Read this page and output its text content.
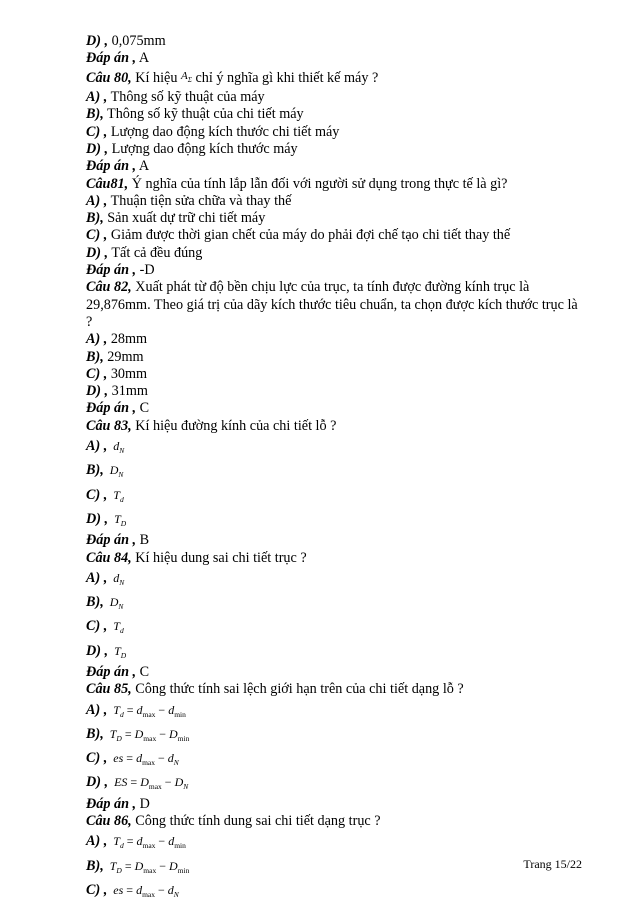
D) , 0,075mm
Đáp án , A
Câu 80, Kí hiệu $^{A_\Sigma}$ chỉ ý nghĩa gì khi thiết kế máy ?
A) , Thông số kỹ thuật của máy
B), Thông số kỹ thuật của chi tiết máy
C) , Lượng dao động kích thước chi tiết máy
D) , Lượng dao động kích thước máy
Đáp án , A
Câu81, Ý nghĩa của tính lắp lẫn đối với người sử dụng trong thực tế là gì?
A) , Thuận tiện sửa chữa và thay thế
B), Sản xuất dự trữ chi tiết máy
C) , Giảm được thời gian chết của máy do phải đợi chế tạo chi tiết thay thế
D) , Tất cả đều đúng
Đáp án , -D
Câu 82, Xuất phát từ độ bền chịu lực của trục, ta tính được đường kính trục là 29,876mm. Theo giá trị của dãy kích thước tiêu chuẩn, ta chọn được kích thước trục là ?
A) , 28mm
B), 29mm
C) , 30mm
D) , 31mm
Đáp án , C
Câu 83, Kí hiệu đường kính của chi tiết lỗ ?
A) , $d_N$
B), $D_N$
C) , $T_d$
D) , $T_D$
Đáp án , B
Câu 84, Kí hiệu dung sai chi tiết trục ?
A) , $d_N$
B), $D_N$
C) , $T_d$
D) , $T_D$
Đáp án , C
Câu 85, Công thức tính sai lệch giới hạn trên của chi tiết dạng lỗ ?
A) , $T_d = d_{max} - d_{min}$
B), $T_D = D_{max} - D_{min}$
C) , es = $d_{max} - d_N$
D) , ES = $D_{max} - D_N$
Đáp án , D
Câu 86, Công thức tính dung sai chi tiết dạng trục ?
A) , $T_d = d_{max} - d_{min}$
B), $T_D = D_{max} - D_{min}$
C) , es = $d_{max} - d_N$
Trang 15/22
